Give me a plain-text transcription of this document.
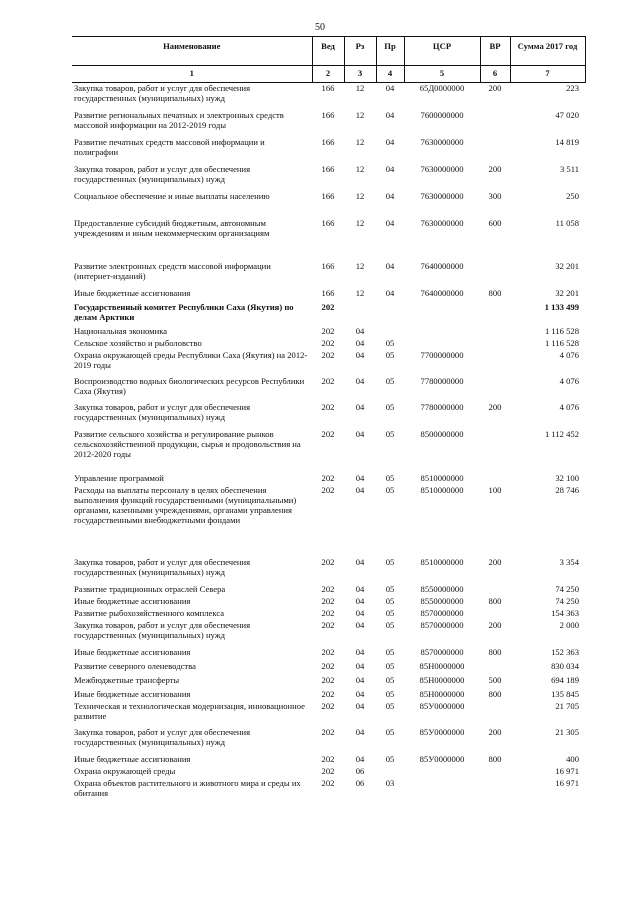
50
Наименование	Вед	Рз	Пр	ЦСР	ВР	Сумма 2017 год
1	2	3	4	5	6	7
Закупка товаров, работ и услуг для обеспечения государственных (муниципальных) нужд	166	12	04	65Д0000000	200	223
Развитие региональных печатных и электронных средств массовой информации на 2012-2019 годы	166	12	04	7600000000		47 020
Развитие печатных средств массовой информации и полиграфии	166	12	04	7630000000		14 819
Закупка товаров, работ и услуг для обеспечения государственных (муниципальных) нужд	166	12	04	7630000000	200	3 511
Социальное обеспечение и иные выплаты населению	166	12	04	7630000000	300	250
Предоставление субсидий бюджетным, автономным учреждениям и иным некоммерческим организациям	166	12	04	7630000000	600	11 058
Развитие электронных средств массовой информации (интернет-изданий)	166	12	04	7640000000		32 201
Иные бюджетные ассигнования	166	12	04	7640000000	800	32 201
Государственный комитет Республики Саха (Якутия) по делам Арктики	202					1 133 499
Национальная экономика	202	04				1 116 528
Сельское хозяйство и рыболовство	202	04	05			1 116 528
Охрана окружающей среды Республики Саха (Якутия) на 2012-2019 годы	202	04	05	7700000000		4 076
Воспроизводство водных биологических ресурсов Республики Саха (Якутия)	202	04	05	7780000000		4 076
Закупка товаров, работ и услуг для обеспечения государственных (муниципальных) нужд	202	04	05	7780000000	200	4 076
Развитие сельского хозяйства и регулирование рынков сельскохозяйственной продукции, сырья и продовольствия на 2012-2020 годы	202	04	05	8500000000		1 112 452
Управление программой	202	04	05	8510000000		32 100
Расходы на выплаты персоналу в целях обеспечения выполнения функций государственными (муниципальными) органами, казенными учреждениями, органами управления государственными внебюджетными фондами	202	04	05	8510000000	100	28 746
Закупка товаров, работ и услуг для обеспечения государственных (муниципальных) нужд	202	04	05	8510000000	200	3 354
Развитие традиционных отраслей Севера	202	04	05	8550000000		74 250
Иные бюджетные ассигнования	202	04	05	8550000000	800	74 250
Развитие рыбохозяйственного комплекса	202	04	05	8570000000		154 363
Закупка товаров, работ и услуг для обеспечения государственных (муниципальных) нужд	202	04	05	8570000000	200	2 000
Иные бюджетные ассигнования	202	04	05	8570000000	800	152 363
Развитие северного оленеводства	202	04	05	85Н0000000		830 034
Межбюджетные трансферты	202	04	05	85Н0000000	500	694 189
Иные бюджетные ассигнования	202	04	05	85Н0000000	800	135 845
Техническая и технологическая модернизация, инновационное развитие	202	04	05	85У0000000		21 705
Закупка товаров, работ и услуг для обеспечения государственных (муниципальных) нужд	202	04	05	85У0000000	200	21 305
Иные бюджетные ассигнования	202	04	05	85У0000000	800	400
Охрана окружающей среды	202	06				16 971
Охрана объектов растительного и животного мира и среды их обитания	202	06	03			16 971
